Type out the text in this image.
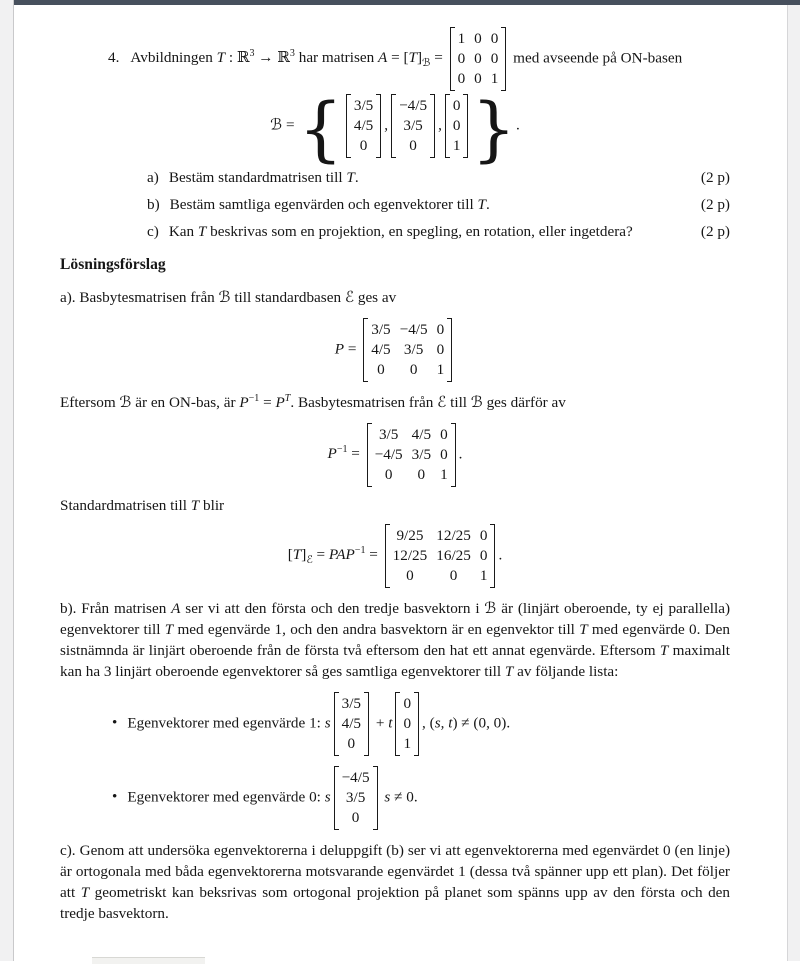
4. Avbildningen T : ℝ$^3$ → ℝ$^3$ har matrisen $A = [T]_ℬ$ =
1 0 0
0 0 0
0 0 1
med avseende på ON-basen
ℬ = { 3/5
4/5
0
,
−4/5
3/5
0
,
0
0
1 }.
a) Bestäm standardmatrisen till T.	(2 p)
b) Bestäm samtliga egenvärden och egenvektorer till T.	(2 p)
c) Kan T beskrivas som en projektion, en spegling, en rotation, eller ingetdera?	(2 p)
Lösningsförslag
a). Basbytesmatrisen från ℬ till standardbasen ℰ ges av
P =
3/5 −4/5 0
4/5 3/5 0
0 0 1
Eftersom ℬ är en ON-bas, är $P^{-1} = P^T$. Basbytesmatrisen från ℰ till ℬ ges därför av
$P^{-1}$ =
3/5 4/5 0
−4/5 3/5 0
0 0 1
.
Standardmatrisen till T blir
$[T]_ℰ = PAP^{-1}$ =
9/25 12/25 0
12/25 16/25 0
0 0 1
.
b). Från matrisen A ser vi att den första och den tredje basvektorn i ℬ är (linjärt oberoende, ty ej parallella) egenvektorer till T med egenvärde 1, och den andra basvektorn är en egenvektor till T med egenvärde 0. Den sistnämnda är linjärt oberoende från de första två eftersom den hat ett annat egenvärde. Eftersom T maximalt kan ha 3 linjärt oberoende egenvektorer så ges samtliga egenvektorer till T av följande lista:
• Egenvektorer med egenvärde 1: s
3/5
4/5
0
+ t
0
0
1
, (s, t) ≠ (0, 0).
• Egenvektorer med egenvärde 0: s
−4/5
3/5
0
s ≠ 0.
c). Genom att undersöka egenvektorerna i deluppgift (b) ser vi att egenvektorerna med egenvärdet 0 (en linje) är ortogonala med båda egenvektorerna motsvarande egenvärdet 1 (dessa två spänner upp ett plan). Det följer att T geometriskt kan beksrivas som ortogonal projektion på planet som spänns upp av den första och den tredje basvektorn.
